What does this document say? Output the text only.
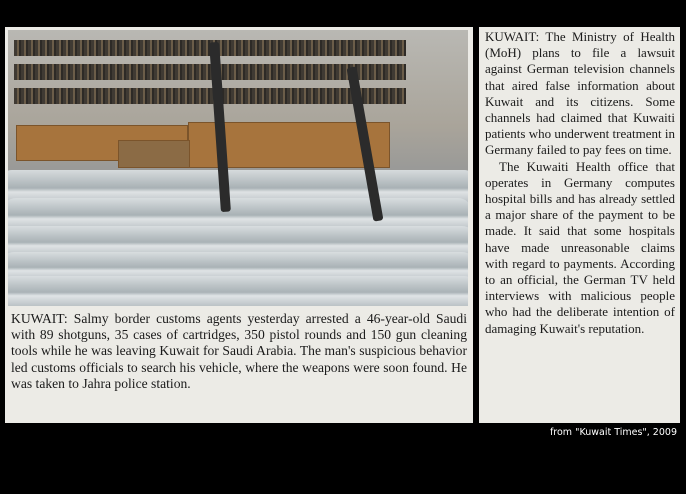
KUWAIT: Salmy border customs agents yesterday arrested a 46-year-old Saudi with 89 shotguns, 35 cases of cartridges, 350 pistol rounds and 150 gun cleaning tools while he was leaving Kuwait for Saudi Arabia. The man's suspicious behavior led customs officials to search his vehicle, where the weapons were soon found. He was taken to Jahra police station.

KUWAIT: The Ministry of Health (MoH) plans to file a lawsuit against German television channels that aired false information about Kuwait and its citizens. Some channels had claimed that Kuwaiti patients who underwent treatment in Germany failed to pay fees on time.

The Kuwaiti Health office that operates in Germany computes hospital bills and has already settled a major share of the payment to be made. It said that some hospitals have made unreasonable claims with regard to payments. According to an official, the German TV held interviews with malicious people who had the deliberate intention of damaging Kuwait's reputation.

from "Kuwait Times", 2009
